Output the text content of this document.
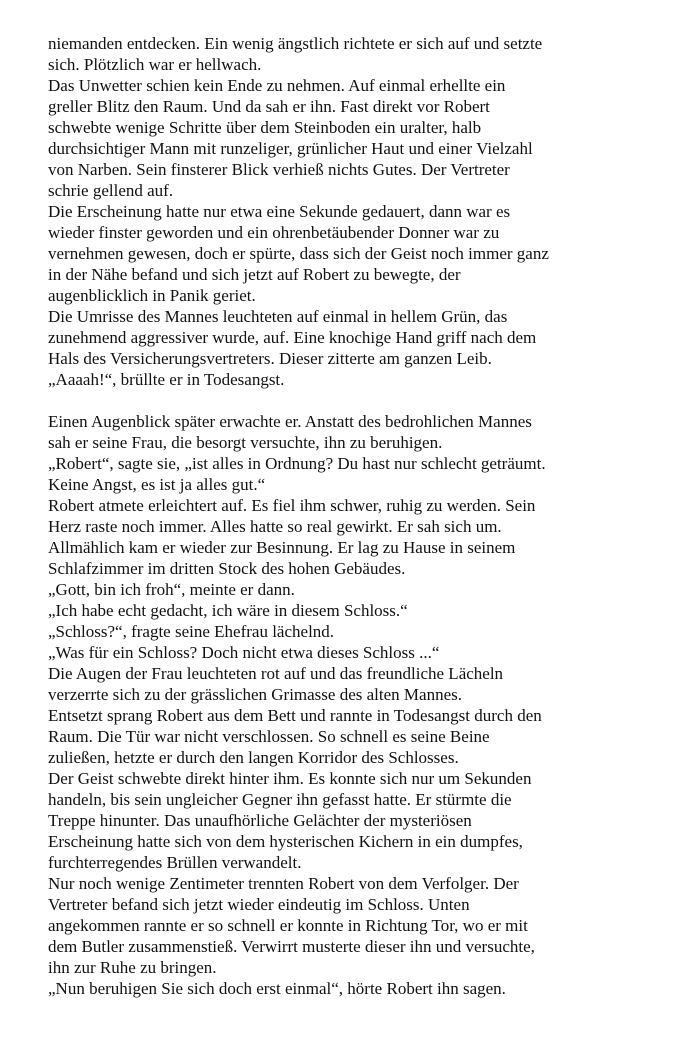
niemanden entdecken. Ein wenig ängstlich richtete er sich auf und setzte
sich. Plötzlich war er hellwach.
Das Unwetter schien kein Ende zu nehmen. Auf einmal erhellte ein
greller Blitz den Raum. Und da sah er ihn. Fast direkt vor Robert
schwebte wenige Schritte über dem Steinboden ein uralter, halb
durchsichtiger Mann mit runzeliger, grünlicher Haut und einer Vielzahl
von Narben. Sein finsterer Blick verhieß nichts Gutes. Der Vertreter
schrie gellend auf.
Die Erscheinung hatte nur etwa eine Sekunde gedauert, dann war es
wieder finster geworden und ein ohrenbetäubender Donner war zu
vernehmen gewesen, doch er spürte, dass sich der Geist noch immer ganz
in der Nähe befand und sich jetzt auf Robert zu bewegte, der
augenblicklich in Panik geriet.
Die Umrisse des Mannes leuchteten auf einmal in hellem Grün, das
zunehmend aggressiver wurde, auf. Eine knochige Hand griff nach dem
Hals des Versicherungsvertreters. Dieser zitterte am ganzen Leib.
„Aaaah!“, brüllte er in Todesangst.

Einen Augenblick später erwachte er. Anstatt des bedrohlichen Mannes
sah er seine Frau, die besorgt versuchte, ihn zu beruhigen.
„Robert“, sagte sie, „ist alles in Ordnung? Du hast nur schlecht geträumt.
Keine Angst, es ist ja alles gut.“
Robert atmete erleichtert auf. Es fiel ihm schwer, ruhig zu werden. Sein
Herz raste noch immer. Alles hatte so real gewirkt. Er sah sich um.
Allmählich kam er wieder zur Besinnung. Er lag zu Hause in seinem
Schlafzimmer im dritten Stock des hohen Gebäudes.
„Gott, bin ich froh“, meinte er dann.
„Ich habe echt gedacht, ich wäre in diesem Schloss.“
„Schloss?“, fragte seine Ehefrau lächelnd.
„Was für ein Schloss? Doch nicht etwa dieses Schloss ...“
Die Augen der Frau leuchteten rot auf und das freundliche Lächeln
verzerrte sich zu der grässlichen Grimasse des alten Mannes.
Entsetzt sprang Robert aus dem Bett und rannte in Todesangst durch den
Raum. Die Tür war nicht verschlossen. So schnell es seine Beine
zuließen, hetzte er durch den langen Korridor des Schlosses.
Der Geist schwebte direkt hinter ihm. Es konnte sich nur um Sekunden
handeln, bis sein ungleicher Gegner ihn gefasst hatte. Er stürmte die
Treppe hinunter. Das unaufhörliche Gelächter der mysteriösen
Erscheinung hatte sich von dem hysterischen Kichern in ein dumpfes,
furchterregendes Brüllen verwandelt.
Nur noch wenige Zentimeter trennten Robert von dem Verfolger. Der
Vertreter befand sich jetzt wieder eindeutig im Schloss. Unten
angekommen rannte er so schnell er konnte in Richtung Tor, wo er mit
dem Butler zusammenstieß. Verwirrt musterte dieser ihn und versuchte,
ihn zur Ruhe zu bringen.
„Nun beruhigen Sie sich doch erst einmal“, hörte Robert ihn sagen.
